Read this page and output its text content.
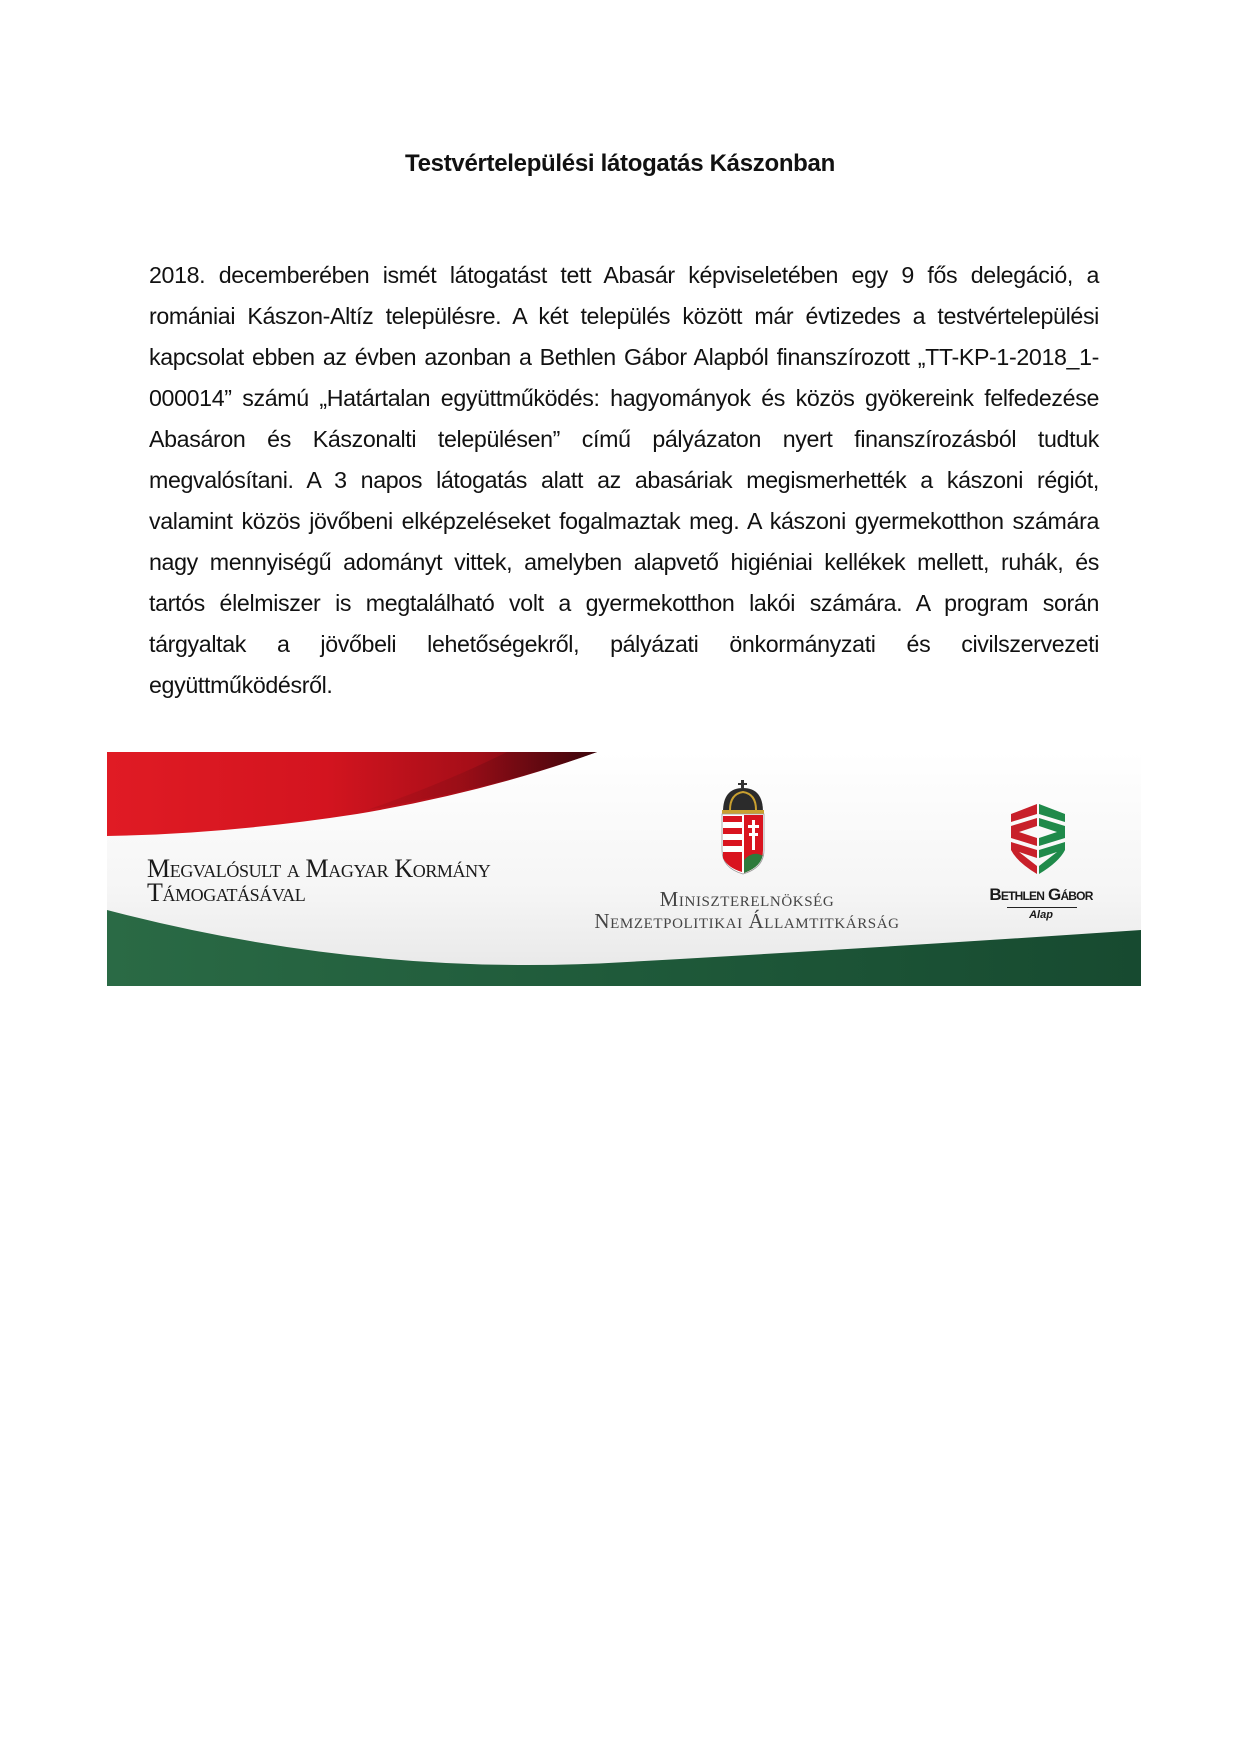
Testvértelepülési látogatás Kászonban
2018. decemberében ismét látogatást tett Abasár képviseletében egy 9 fős delegáció, a romániai Kászon-Altíz településre. A két település között már évtizedes a testvértelepülési kapcsolat ebben az évben azonban a Bethlen Gábor Alapból finanszírozott „TT-KP-1-2018_1-000014” számú „Határtalan együttműködés: hagyományok és közös gyökereink felfedezése Abasáron és Kászonalti településen” című pályázaton nyert finanszírozásból tudtuk megvalósítani. A 3 napos látogatás alatt az abasáriak megismerhették a kászoni régiót, valamint közös jövőbeni elképzeléseket fogalmaztak meg. A kászoni gyermekotthon számára nagy mennyiségű adományt vittek, amelyben alapvető higiéniai kellékek mellett, ruhák, és tartós élelmiszer is megtalálható volt a gyermekotthon lakói számára. A program során tárgyaltak a jövőbeli lehetőségekről, pályázati önkormányzati és civilszervezeti együttműködésről.
Megvalósult a Magyar Kormány
Támogatásával	Miniszterelnökség
Nemzetpolitikai Államtitkárság
Bethlen Gábor
Alap
